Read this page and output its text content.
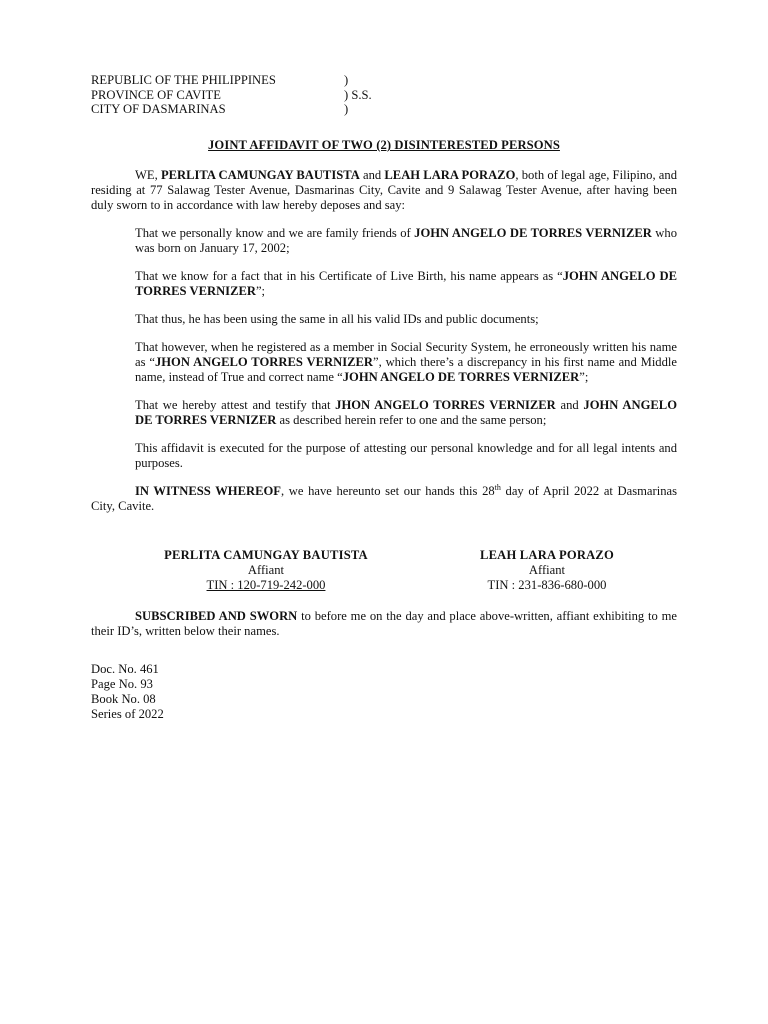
REPUBLIC OF THE PHILIPPINES	)
PROVINCE OF CAVITE	) S.S.
CITY OF DASMARINAS	)
JOINT AFFIDAVIT OF TWO (2) DISINTERESTED PERSONS

WE, PERLITA CAMUNGAY BAUTISTA and LEAH LARA PORAZO, both of legal age, Filipino, and residing at 77 Salawag Tester Avenue, Dasmarinas City, Cavite and 9 Salawag Tester Avenue, after having been duly sworn to in accordance with law hereby deposes and say:

That we personally know and we are family friends of JOHN ANGELO DE TORRES VERNIZER who was born on January 17, 2002;

That we know for a fact that in his Certificate of Live Birth, his name appears as “JOHN ANGELO DE TORRES VERNIZER”;

That thus, he has been using the same in all his valid IDs and public documents;

That however, when he registered as a member in Social Security System, he erroneously written his name as “JHON ANGELO TORRES VERNIZER”, which there’s a discrepancy in his first name and Middle name, instead of True and correct name “JOHN ANGELO DE TORRES VERNIZER”;

That we hereby attest and testify that JHON ANGELO TORRES VERNIZER and JOHN ANGELO DE TORRES VERNIZER as described herein refer to one and the same person;

This affidavit is executed for the purpose of attesting our personal knowledge and for all legal intents and purposes.

IN WITNESS WHEREOF, we have hereunto set our hands this 28th day of April 2022 at Dasmarinas City, Cavite.

PERLITA CAMUNGAY BAUTISTA
Affiant
TIN : 120-719-242-000
LEAH LARA PORAZO
Affiant
TIN : 231-836-680-000

SUBSCRIBED AND SWORN to before me on the day and place above-written, affiant exhibiting to me their ID’s, written below their names.

Doc. No. 461
Page No. 93
Book No. 08
Series of 2022
